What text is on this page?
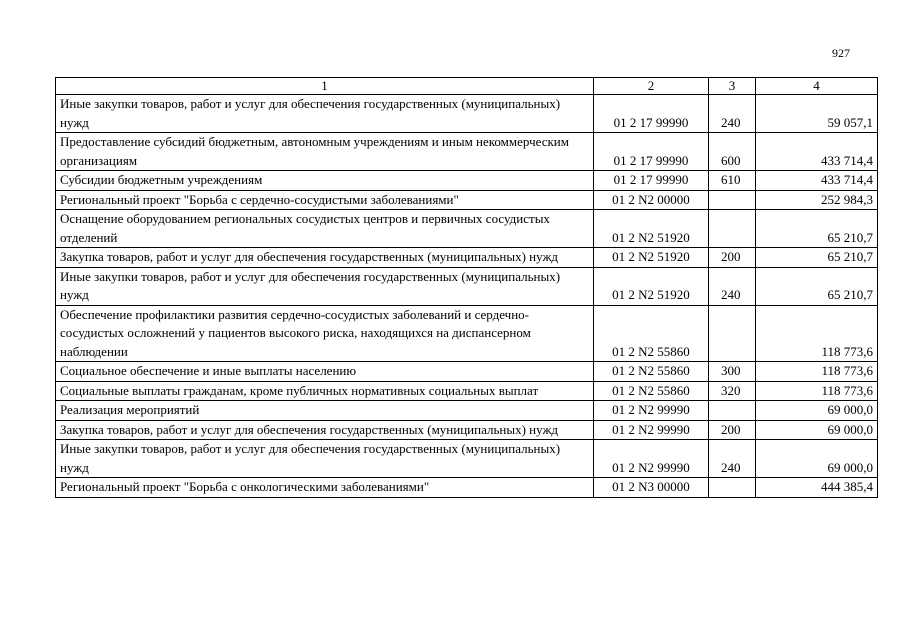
927
1	2	3	4
Иные закупки товаров, работ и услуг для обеспечения государственных (муниципальных) нужд	01 2 17 99990	240	59 057,1
Предоставление субсидий бюджетным, автономным учреждениям и иным некоммерческим организациям	01 2 17 99990	600	433 714,4
Субсидии бюджетным учреждениям	01 2 17 99990	610	433 714,4
Региональный проект "Борьба с сердечно-сосудистыми заболеваниями"	01 2 N2 00000		252 984,3
Оснащение оборудованием региональных сосудистых центров и первичных сосудистых отделений	01 2 N2 51920		65 210,7
Закупка товаров, работ и услуг для обеспечения государственных (муниципальных) нужд	01 2 N2 51920	200	65 210,7
Иные закупки товаров, работ и услуг для обеспечения государственных (муниципальных) нужд	01 2 N2 51920	240	65 210,7
Обеспечение профилактики развития сердечно-сосудистых заболеваний и сердечно-сосудистых осложнений у пациентов высокого риска, находящихся на диспансерном наблюдении	01 2 N2 55860		118 773,6
Социальное обеспечение и иные выплаты населению	01 2 N2 55860	300	118 773,6
Социальные выплаты гражданам, кроме публичных нормативных социальных выплат	01 2 N2 55860	320	118 773,6
Реализация мероприятий	01 2 N2 99990		69 000,0
Закупка товаров, работ и услуг для обеспечения государственных (муниципальных) нужд	01 2 N2 99990	200	69 000,0
Иные закупки товаров, работ и услуг для обеспечения государственных (муниципальных) нужд	01 2 N2 99990	240	69 000,0
Региональный проект "Борьба с онкологическими заболеваниями"	01 2 N3 00000		444 385,4
